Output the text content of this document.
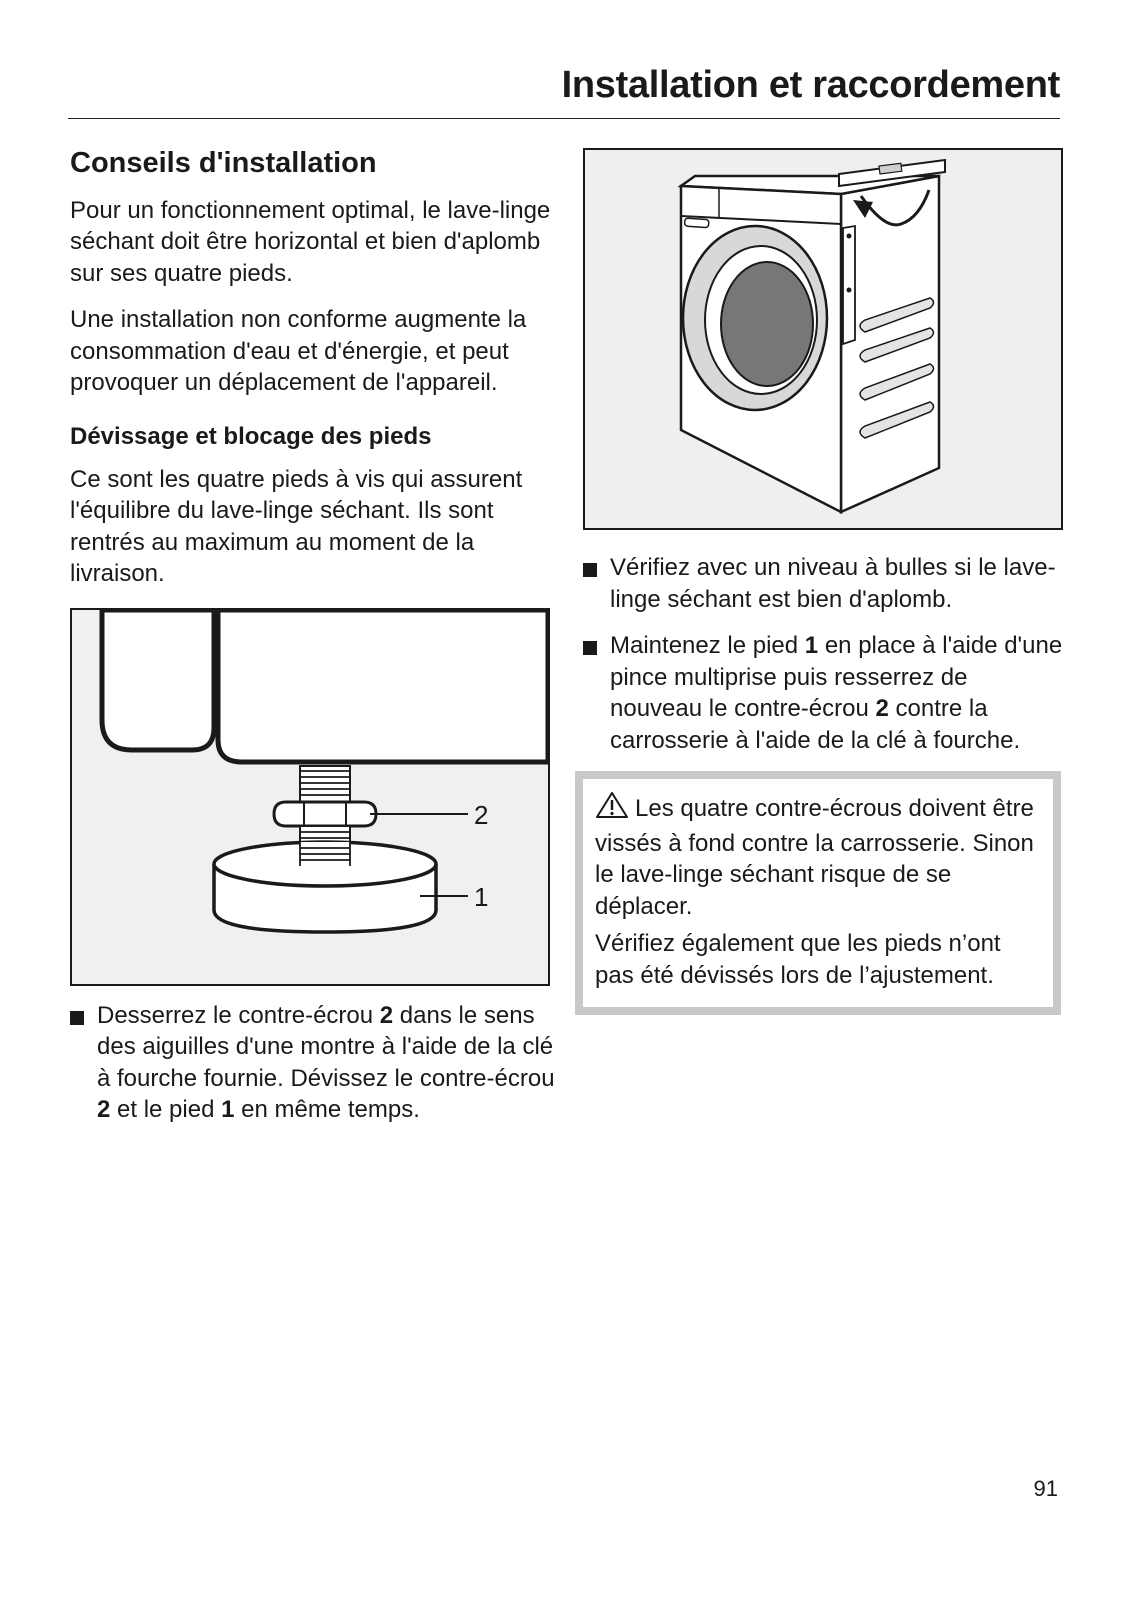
Installation et raccordement
Conseils d'installation

Pour un fonctionnement optimal, le lave-linge séchant doit être horizontal et bien d'aplomb sur ses quatre pieds.

Une installation non conforme augmente la consommation d'eau et d'énergie, et peut provoquer un déplacement de l'appareil.

Dévissage et blocage des pieds

Ce sont les quatre pieds à vis qui assurent l'équilibre du lave-linge séchant. Ils sont rentrés au maximum au moment de la livraison.

2
1
Desserrez le contre-écrou 2 dans le sens des aiguilles d'une montre à l'aide de la clé à fourche fournie. Dévissez le contre-écrou 2 et le pied 1 en même temps.
Vérifiez avec un niveau à bulles si le lave-linge séchant est bien d'aplomb.
Maintenez le pied 1 en place à l'aide d'une pince multiprise puis resserrez de nouveau le contre-écrou 2 contre la carrosserie à l'aide de la clé à fourche.

Les quatre contre-écrous doivent être vissés à fond contre la carrosserie. Sinon le lave-linge séchant risque de se déplacer.

Vérifiez également que les pieds n’ont pas été dévissés lors de l’ajustement.

91
